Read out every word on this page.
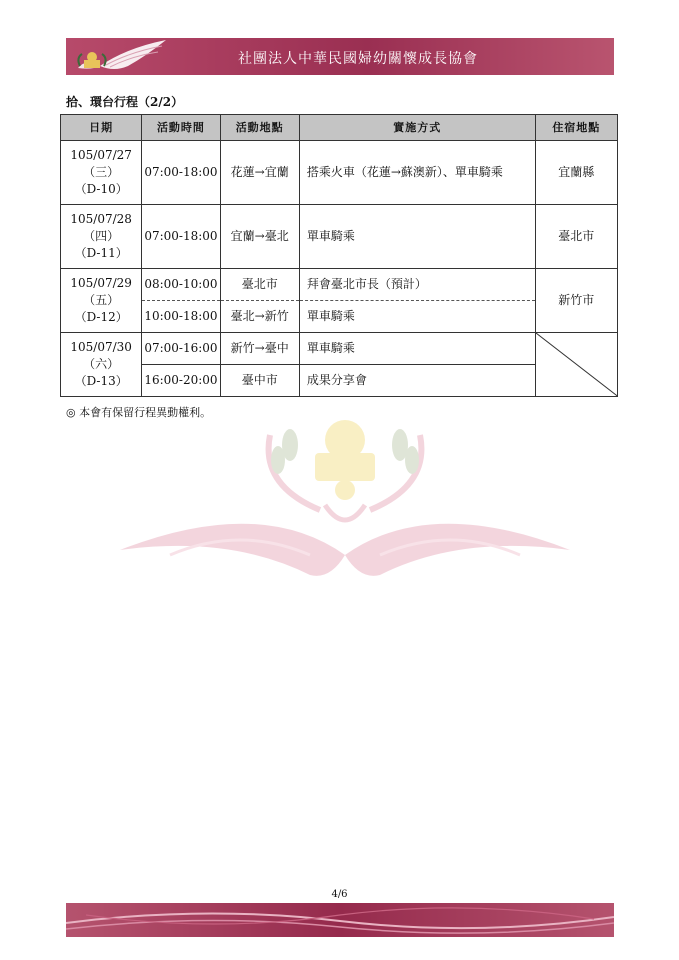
社團法人中華民國婦幼關懷成長協會
拾、環台行程（2/2）
日期	活動時間	活動地點	實施方式	住宿地點

105/07/27
（三）
（D-10）	07:00-18:00	花蓮→宜蘭	搭乘火車（花蓮→蘇澳新）、單車騎乘	宜蘭縣

105/07/28
（四）
（D-11）	07:00-18:00	宜蘭→臺北	單車騎乘	臺北市

105/07/29
（五）
（D-12）	08:00-10:00	臺北市	拜會臺北市長（預計）	新竹市
	10:00-18:00	臺北→新竹	單車騎乘	

105/07/30
（六）
（D-13）	07:00-16:00	新竹→臺中	單車騎乘	

	16:00-20:00	臺中市	成果分享會	
◎ 本會有保留行程異動權利。
4/6
